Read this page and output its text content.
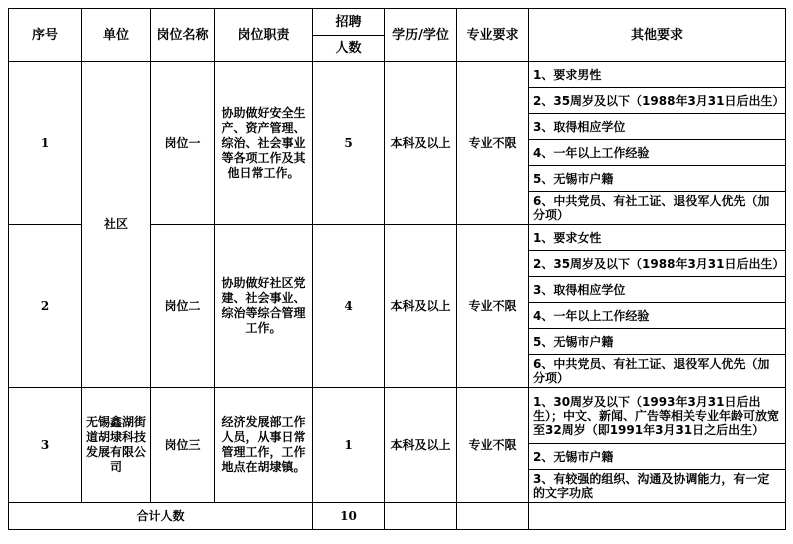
序号	单位	岗位名称	岗位职责	招聘	学历/学位	专业要求	其他要求
				人数			
1	社区	岗位一	协助做好安全生产、资产管理、综治、社会事业等各项工作及其他日常工作。	5	本科及以上	专业不限	1、要求男性
							2、35周岁及以下（1988年3月31日后出生）
							3、取得相应学位
							4、一年以上工作经验
							5、无锡市户籍
							6、中共党员、有社工证、退役军人优先（加分项）
2		岗位二	协助做好社区党建、社会事业、综治等综合管理工作。	4	本科及以上	专业不限	1、要求女性
							2、35周岁及以下（1988年3月31日后出生）
							3、取得相应学位
							4、一年以上工作经验
							5、无锡市户籍
							6、中共党员、有社工证、退役军人优先（加分项）
3	无锡鑫湖街道胡埭科技发展有限公司	岗位三	经济发展部工作人员，从事日常管理工作，工作地点在胡埭镇。	1	本科及以上	专业不限	1、30周岁及以下（1993年3月31日后出生）；中文、新闻、广告等相关专业年龄可放宽至32周岁（即1991年3月31日之后出生）
							2、无锡市户籍
							3、有较强的组织、沟通及协调能力，有一定的文字功底
合计人数				10			
